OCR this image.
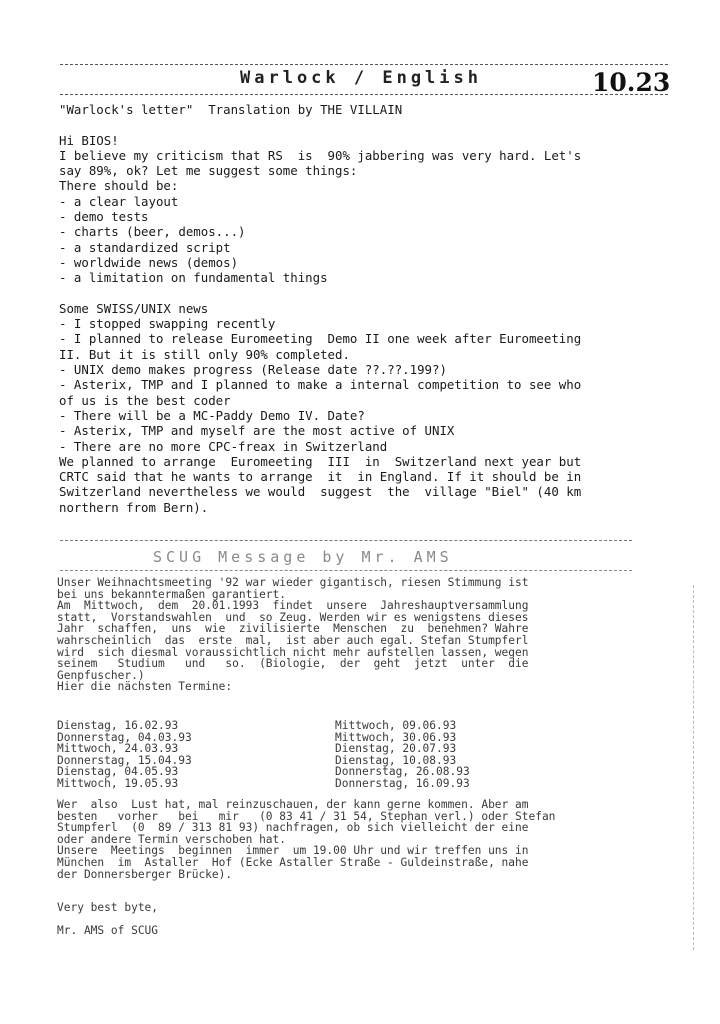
Warlock / English	10.23
"Warlock's letter"  Translation by THE VILLAIN

Hi BIOS!
I believe my criticism that RS  is  90% jabbering was very hard. Let's
say 89%, ok? Let me suggest some things:
There should be:
- a clear layout
- demo tests
- charts (beer, demos...)
- a standardized script
- worldwide news (demos)
- a limitation on fundamental things

Some SWISS/UNIX news
- I stopped swapping recently
- I planned to release Euromeeting  Demo II one week after Euromeeting
II. But it is still only 90% completed.
- UNIX demo makes progress (Release date ??.??.199?)
- Asterix, TMP and I planned to make a internal competition to see who
of us is the best coder
- There will be a MC-Paddy Demo IV. Date?
- Asterix, TMP and myself are the most active of UNIX
- There are no more CPC-freax in Switzerland
We planned to arrange  Euromeeting  III  in  Switzerland next year but
CRTC said that he wants to arrange  it  in England. If it should be in
Switzerland nevertheless we would  suggest  the  village "Biel" (40 km
northern from Bern).
SCUG Message by Mr. AMS
Unser Weihnachtsmeeting '92 war wieder gigantisch, riesen Stimmung ist
bei uns bekanntermaßen garantiert.
Am  Mittwoch,  dem  20.01.1993  findet  unsere  Jahreshauptversammlung
statt,  Vorstandswahlen  und  so Zeug. Werden wir es wenigstens dieses
Jahr  schaffen,  uns  wie  zivilisierte  Menschen  zu  benehmen? Wahre
wahrscheinlich  das  erste  mal,  ist aber auch egal. Stefan Stumpferl
wird  sich diesmal voraussichtlich nicht mehr aufstellen lassen, wegen
seinem   Studium   und   so.  (Biologie,  der  geht  jetzt  unter  die
Genpfuscher.)
Hier die nächsten Termine:
Dienstag, 16.02.93
Donnerstag, 04.03.93
Mittwoch, 24.03.93
Donnerstag, 15.04.93
Dienstag, 04.05.93
Mittwoch, 19.05.93
Mittwoch, 09.06.93
Mittwoch, 30.06.93
Dienstag, 20.07.93
Dienstag, 10.08.93
Donnerstag, 26.08.93
Donnerstag, 16.09.93
Wer  also  Lust hat, mal reinzuschauen, der kann gerne kommen. Aber am
besten   vorher   bei   mir   (0 83 41 / 31 54, Stephan verl.) oder Stefan
Stumpferl  (0  89 / 313 81 93) nachfragen, ob sich vielleicht der eine
oder andere Termin verschoben hat.
Unsere  Meetings  beginnen  immer  um 19.00 Uhr und wir treffen uns in
München  im  Astaller  Hof (Ecke Astaller Straße - Guldeinstraße, nahe
der Donnersberger Brücke).
Very best byte,
Mr. AMS of SCUG
